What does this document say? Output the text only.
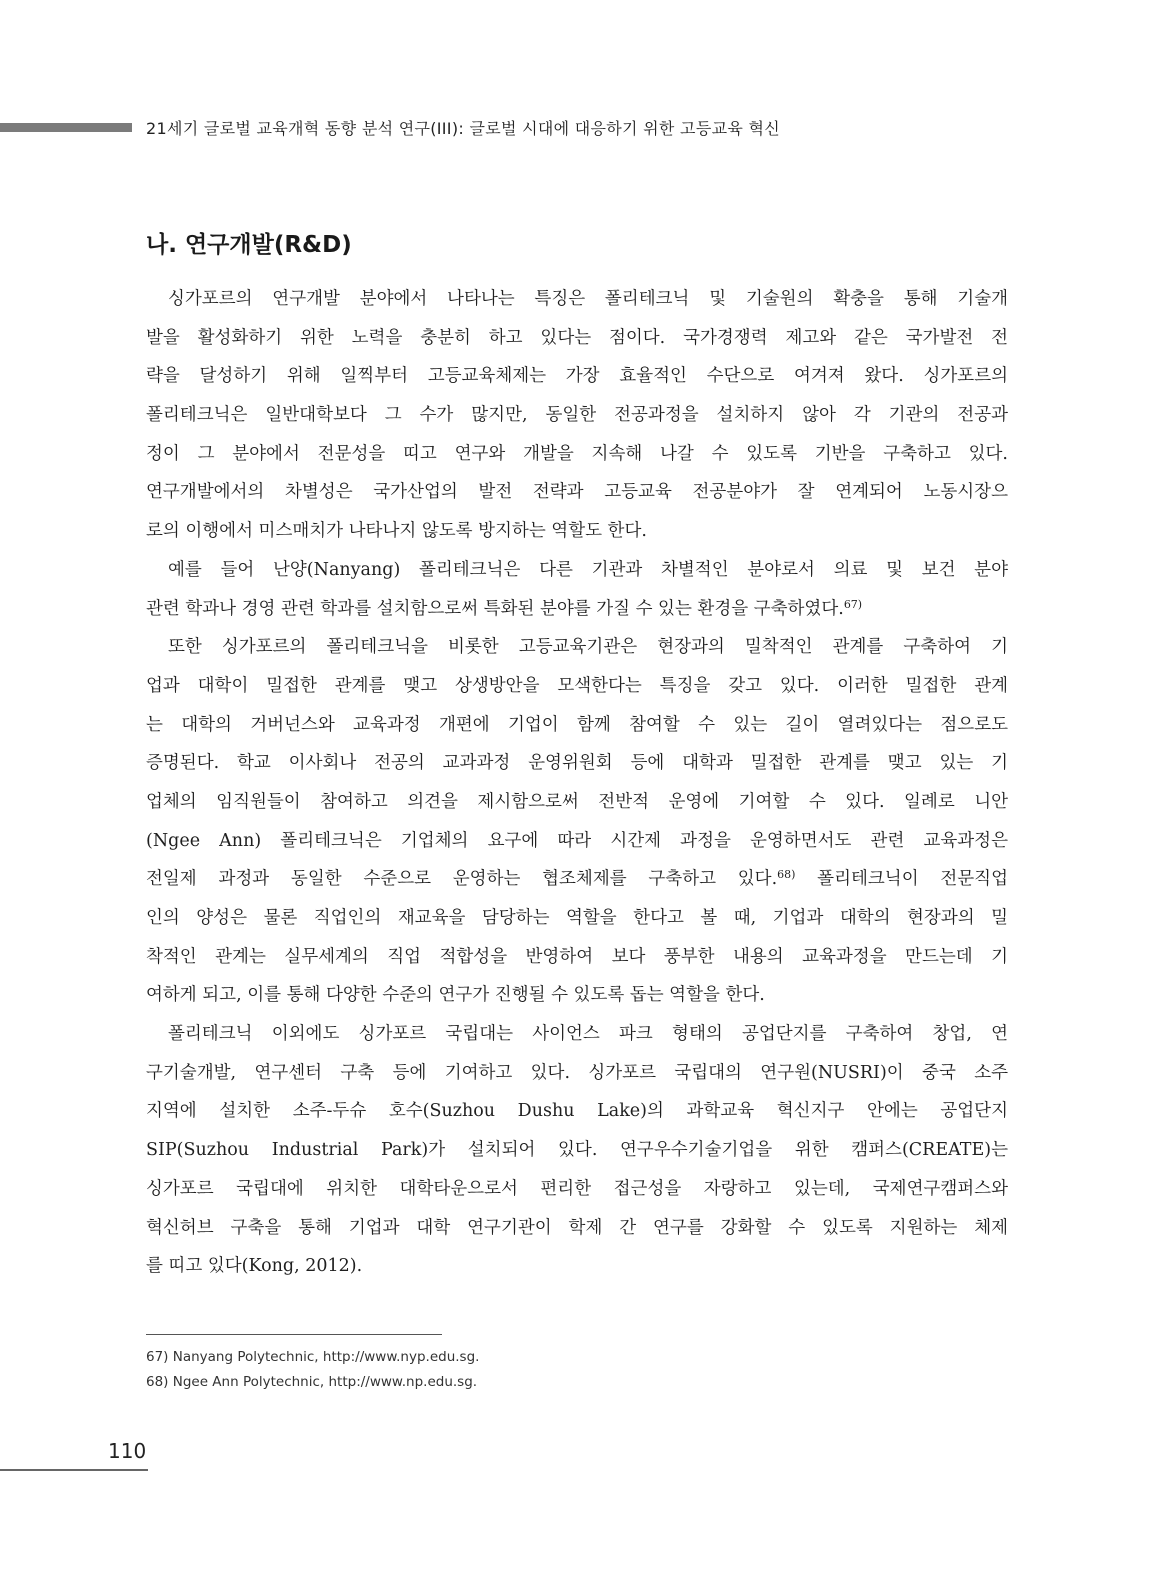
21세기 글로벌 교육개혁 동향 분석 연구(III): 글로벌 시대에 대응하기 위한 고등교육 혁신
나. 연구개발(R&D)
싱가포르의 연구개발 분야에서 나타나는 특징은 폴리테크닉 및 기술원의 확충을 통해 기술개
발을 활성화하기 위한 노력을 충분히 하고 있다는 점이다. 국가경쟁력 제고와 같은 국가발전 전
략을 달성하기 위해 일찍부터 고등교육체제는 가장 효율적인 수단으로 여겨져 왔다. 싱가포르의
폴리테크닉은 일반대학보다 그 수가 많지만, 동일한 전공과정을 설치하지 않아 각 기관의 전공과
정이 그 분야에서 전문성을 띠고 연구와 개발을 지속해 나갈 수 있도록 기반을 구축하고 있다.
연구개발에서의 차별성은 국가산업의 발전 전략과 고등교육 전공분야가 잘 연계되어 노동시장으
로의 이행에서 미스매치가 나타나지 않도록 방지하는 역할도 한다.
예를 들어 난양(Nanyang) 폴리테크닉은 다른 기관과 차별적인 분야로서 의료 및 보건 분야
관련 학과나 경영 관련 학과를 설치함으로써 특화된 분야를 가질 수 있는 환경을 구축하였다.$^{67)}$
또한 싱가포르의 폴리테크닉을 비롯한 고등교육기관은 현장과의 밀착적인 관계를 구축하여 기
업과 대학이 밀접한 관계를 맺고 상생방안을 모색한다는 특징을 갖고 있다. 이러한 밀접한 관계
는 대학의 거버넌스와 교육과정 개편에 기업이 함께 참여할 수 있는 길이 열려있다는 점으로도
증명된다. 학교 이사회나 전공의 교과과정 운영위원회 등에 대학과 밀접한 관계를 맺고 있는 기
업체의 임직원들이 참여하고 의견을 제시함으로써 전반적 운영에 기여할 수 있다. 일례로 니안
(Ngee Ann) 폴리테크닉은 기업체의 요구에 따라 시간제 과정을 운영하면서도 관련 교육과정은
전일제 과정과 동일한 수준으로 운영하는 협조체제를 구축하고 있다.$^{68)}$ 폴리테크닉이 전문직업
인의 양성은 물론 직업인의 재교육을 담당하는 역할을 한다고 볼 때, 기업과 대학의 현장과의 밀
착적인 관계는 실무세계의 직업 적합성을 반영하여 보다 풍부한 내용의 교육과정을 만드는데 기
여하게 되고, 이를 통해 다양한 수준의 연구가 진행될 수 있도록 돕는 역할을 한다.
폴리테크닉 이외에도 싱가포르 국립대는 사이언스 파크 형태의 공업단지를 구축하여 창업, 연
구기술개발, 연구센터 구축 등에 기여하고 있다. 싱가포르 국립대의 연구원(NUSRI)이 중국 소주
지역에 설치한 소주-두슈 호수(Suzhou Dushu Lake)의 과학교육 혁신지구 안에는 공업단지
SIP(Suzhou Industrial Park)가 설치되어 있다. 연구우수기술기업을 위한 캠퍼스(CREATE)는
싱가포르 국립대에 위치한 대학타운으로서 편리한 접근성을 자랑하고 있는데, 국제연구캠퍼스와
혁신허브 구축을 통해 기업과 대학 연구기관이 학제 간 연구를 강화할 수 있도록 지원하는 체제
를 띠고 있다(Kong, 2012).
67) Nanyang Polytechnic, http://www.nyp.edu.sg.
68) Ngee Ann Polytechnic, http://www.np.edu.sg.
110
